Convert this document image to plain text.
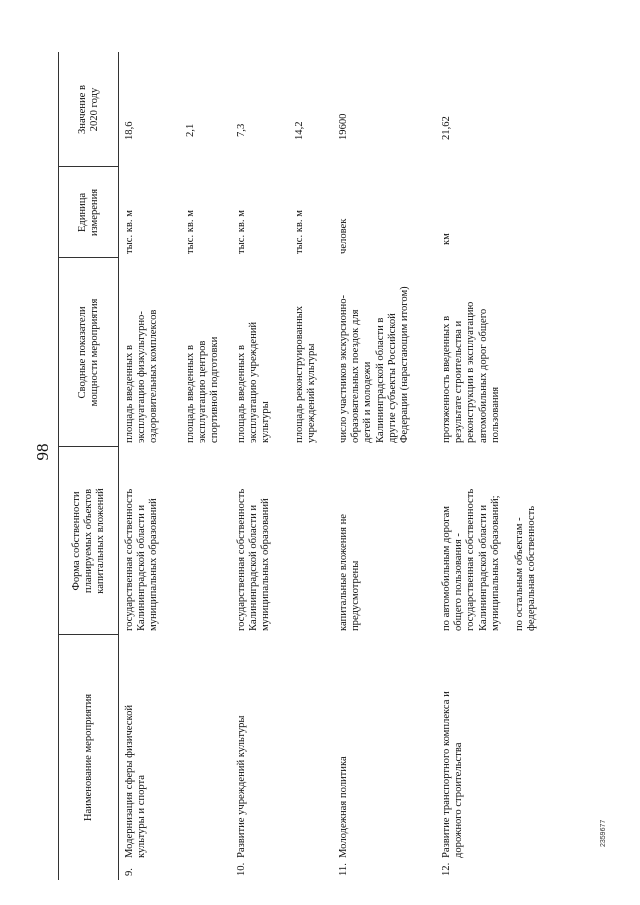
98
Наименование мероприятия
Форма собственности планируемых объектов капитальных вложений
Сводные показатели мощности мероприятия
Единица измерения
Значение в 2020 году
9.
Модернизация сферы физической культуры и спорта
государственная собственность Калининградской области и муниципальных образований
площадь введенных в эксплуатацию физкультурно- оздоровительных комплексов
тыс. кв. м
18,6
площадь введенных в эксплуатацию центров спортивной подготовки
тыс. кв. м
2,1
10.
Развитие учреждений культуры
государственная собственность Калининградской области и муниципальных образований
площадь введенных в эксплуатацию учреждений культуры
тыс. кв. м
7,3
площадь реконструированных учреждений культуры
тыс. кв. м
14,2
11.
Молодежная политика
капитальные вложения не предусмотрены
число участников экскурсионно- образовательных поездок для детей и молодежи Калининградской области в другие субъекты Российской Федерации (нарастающим итогом)
человек
19600
12.
Развитие транспортного комплекса и дорожного строительства
по автомобильным дорогам общего пользования - государственная собственность Калининградской области и муниципальных образований; по остальным объектам - федеральная собственность
протяженность введенных в результате строительства и реконструкции в эксплуатацию автомобильных дорог общего пользования
км
21,62
2359677
